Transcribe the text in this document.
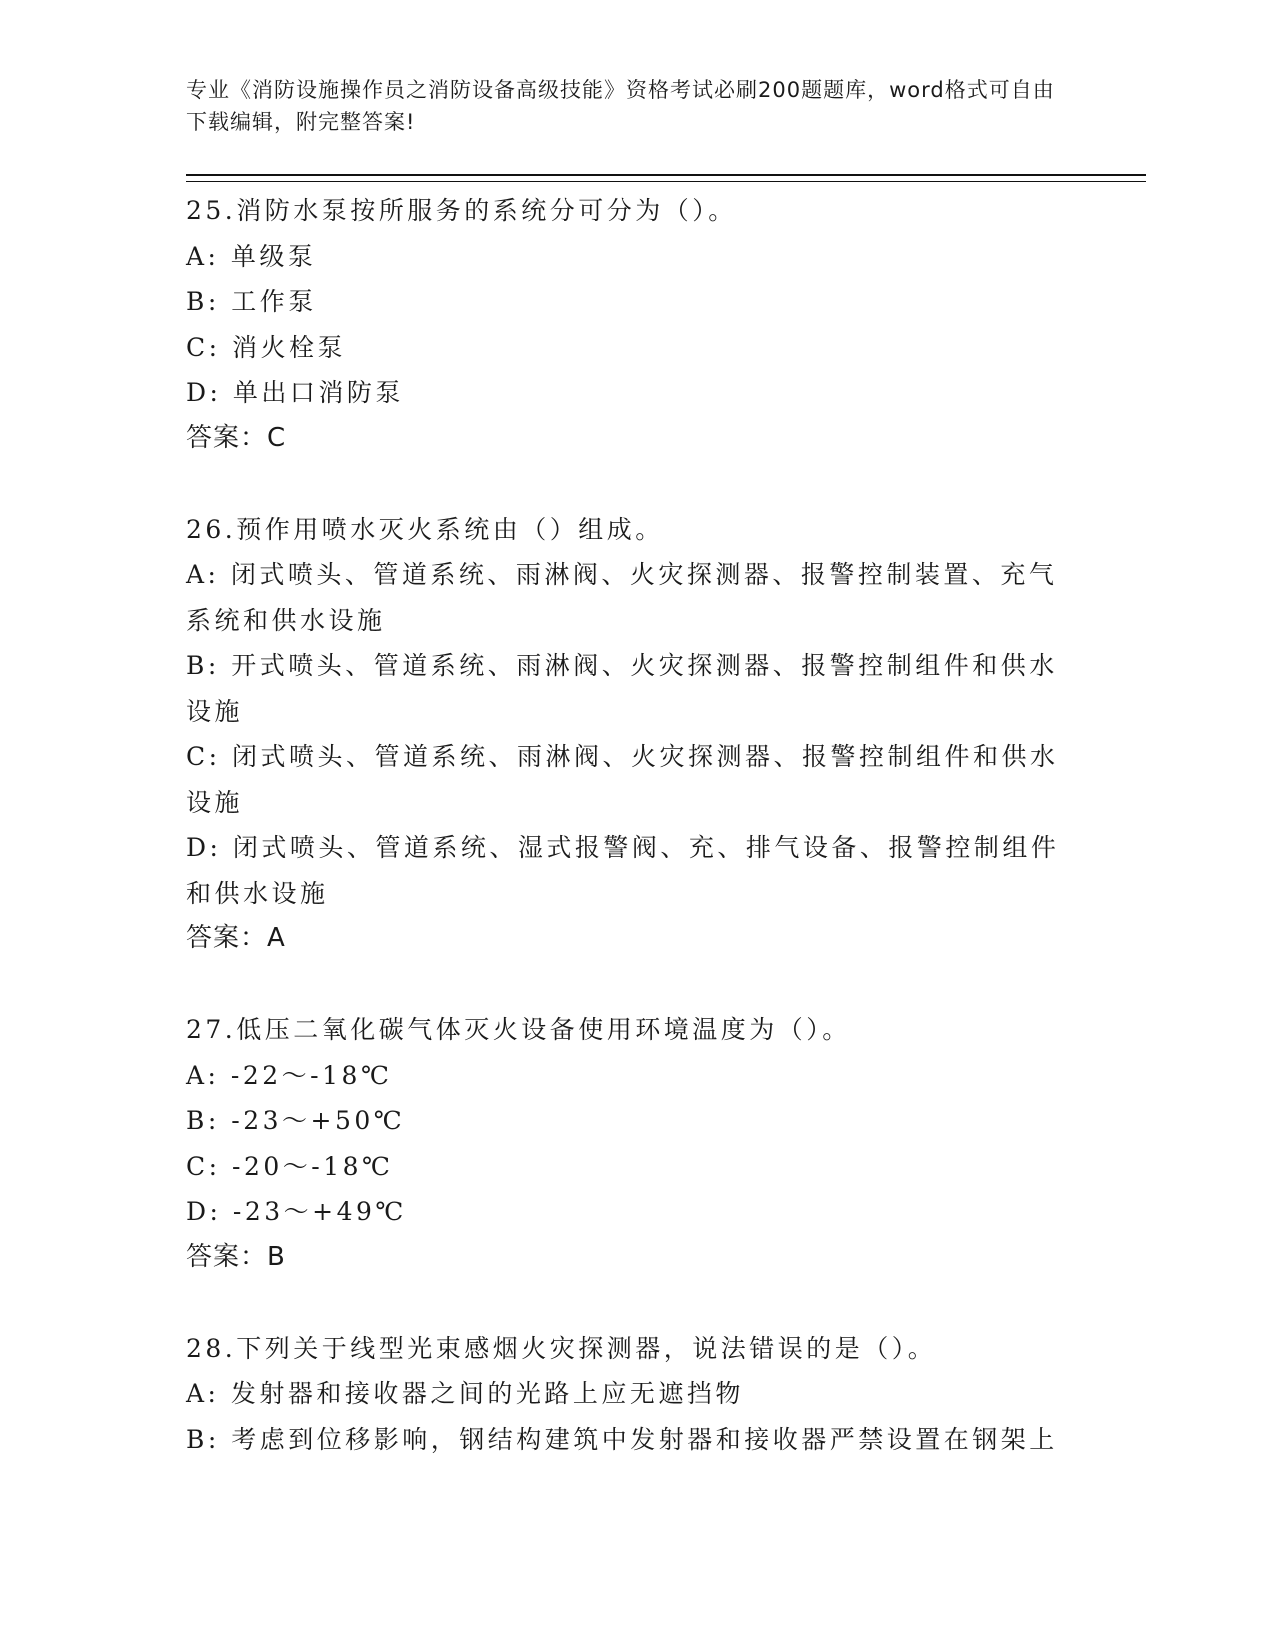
专业《消防设施操作员之消防设备高级技能》资格考试必刷200题题库，word格式可自由下载编辑，附完整答案!
25.消防水泵按所服务的系统分可分为（）。
A: 单级泵
B: 工作泵
C: 消火栓泵
D: 单出口消防泵
答案：C
26.预作用喷水灭火系统由（）组成。
A: 闭式喷头、管道系统、雨淋阀、火灾探测器、报警控制装置、充气系统和供水设施
B: 开式喷头、管道系统、雨淋阀、火灾探测器、报警控制组件和供水设施
C: 闭式喷头、管道系统、雨淋阀、火灾探测器、报警控制组件和供水设施
D: 闭式喷头、管道系统、湿式报警阀、充、排气设备、报警控制组件和供水设施
答案：A
27.低压二氧化碳气体灭火设备使用环境温度为（）。
A: -22～-18℃
B: -23～+50℃
C: -20～-18℃
D: -23～+49℃
答案：B
28.下列关于线型光束感烟火灾探测器，说法错误的是（）。
A: 发射器和接收器之间的光路上应无遮挡物
B: 考虑到位移影响，钢结构建筑中发射器和接收器严禁设置在钢架上
